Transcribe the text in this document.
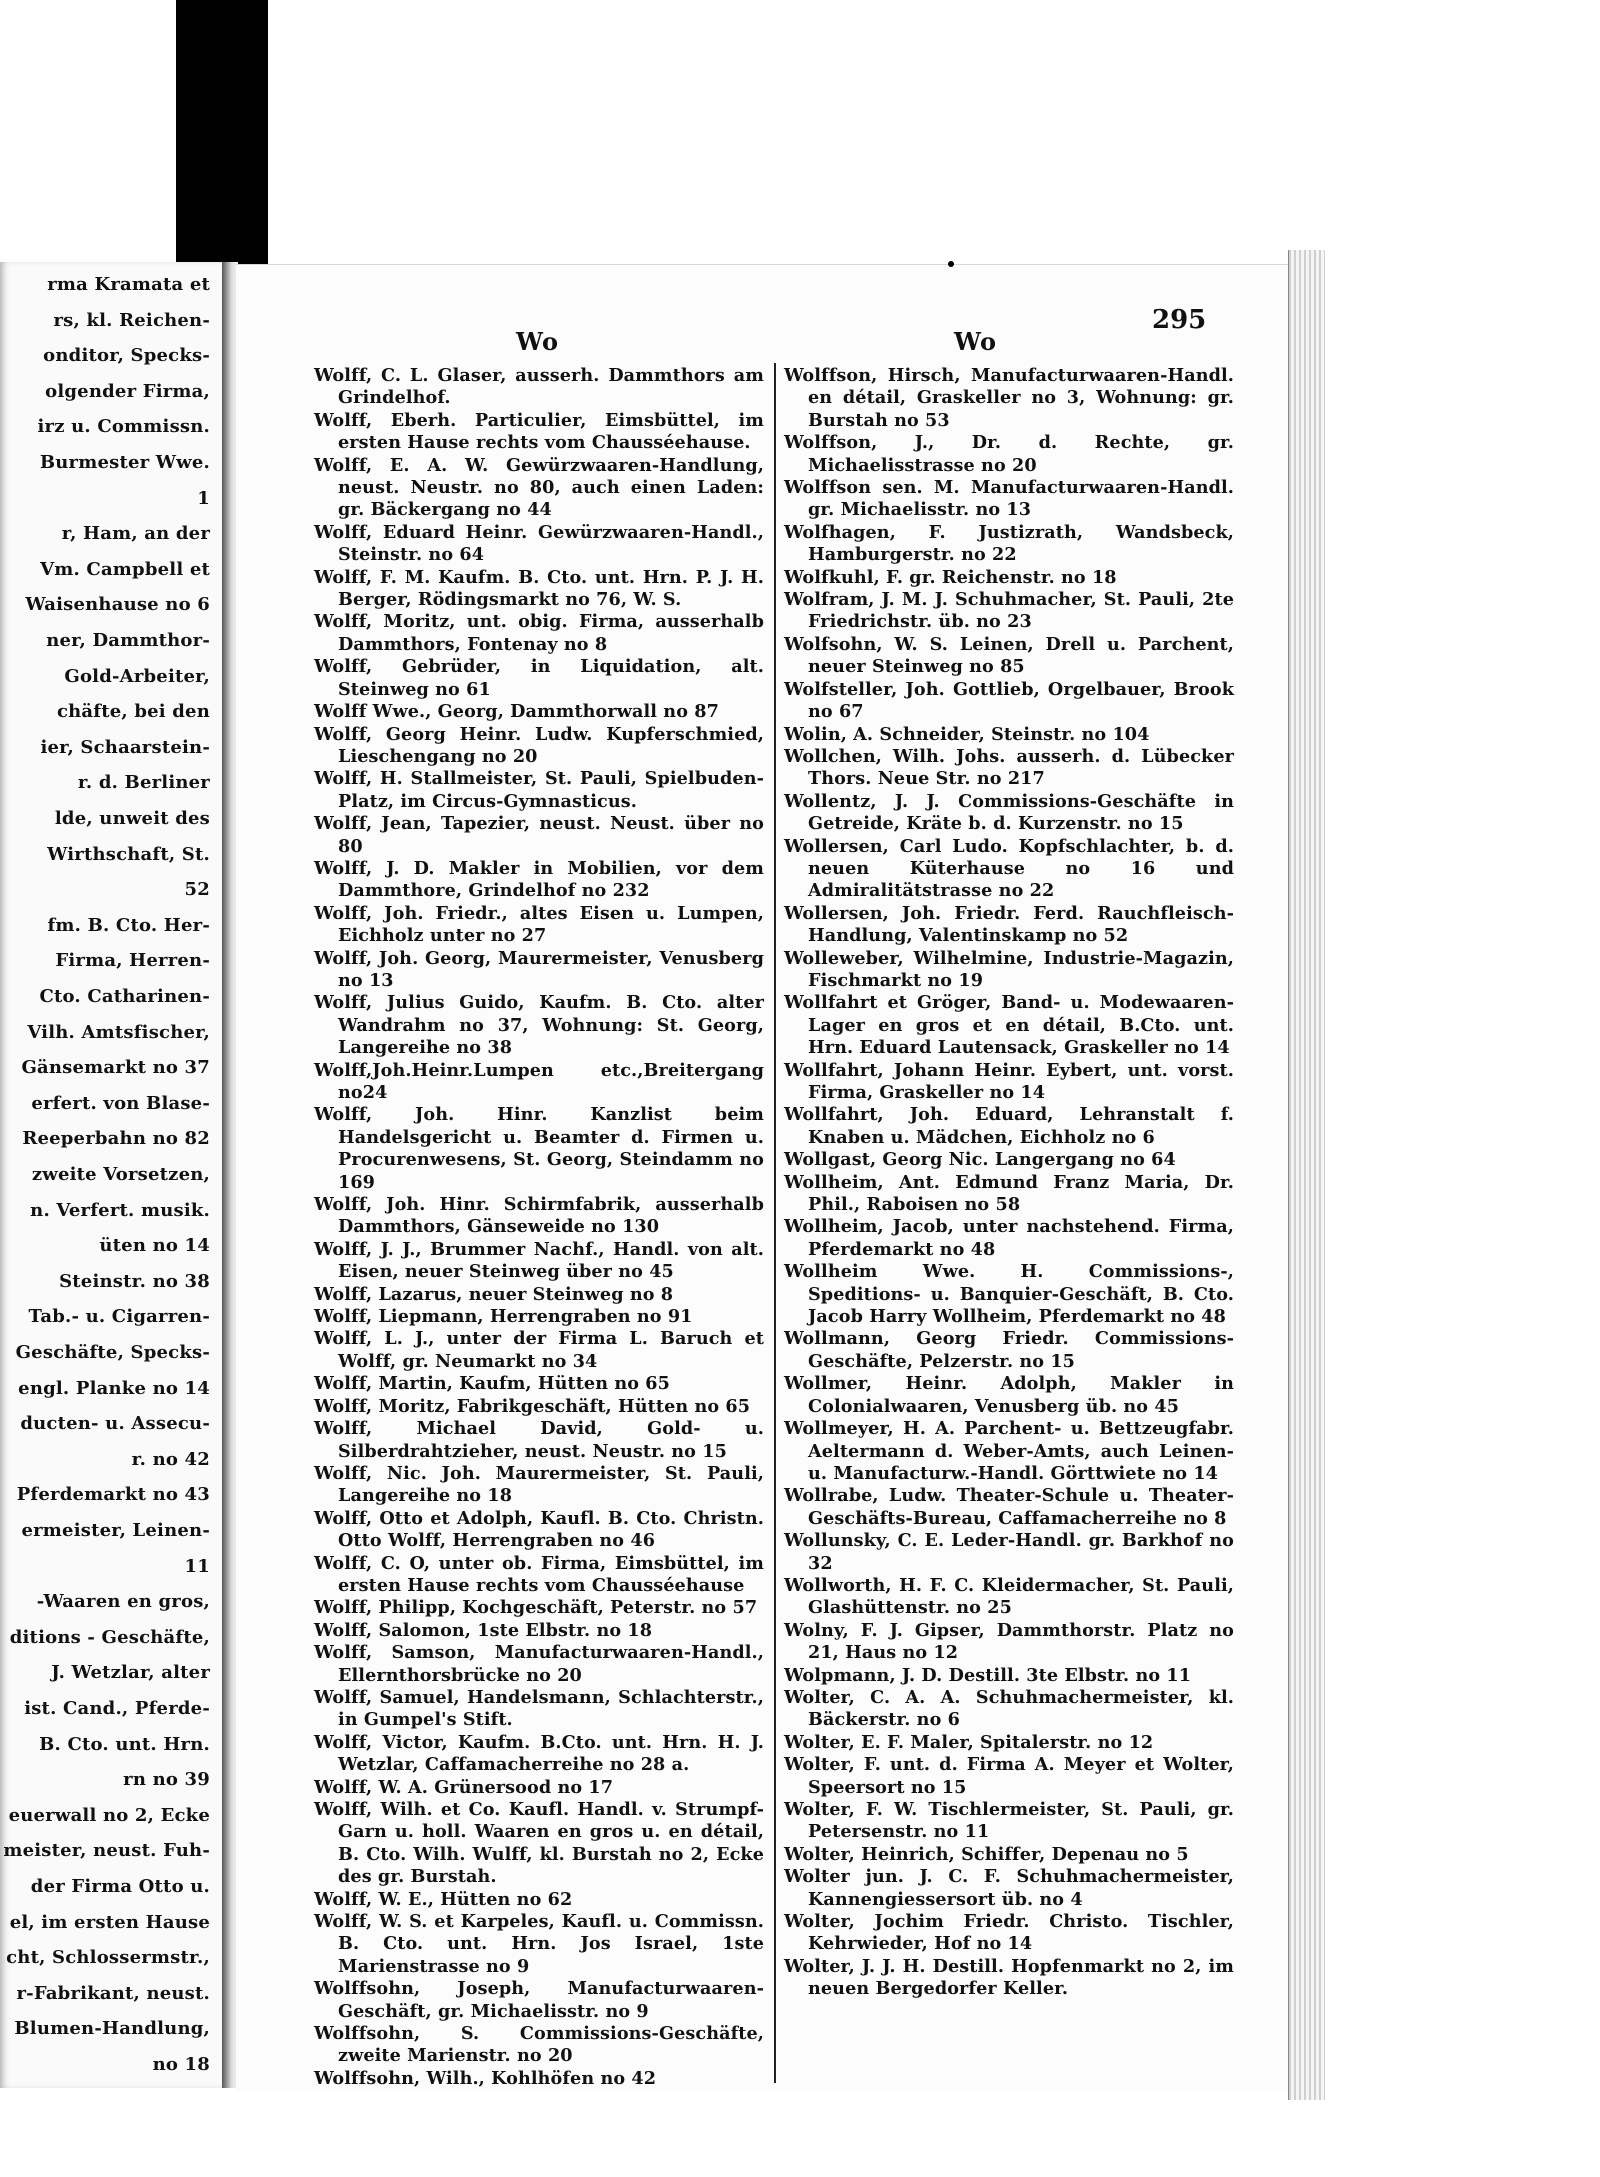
rma Kramata et
rs, kl. Reichen-
onditor, Specks-
olgender Firma,
irz u. Commissn.
Burmester Wwe.
1
r, Ham, an der
Vm. Campbell et
Waisenhause no 6
ner, Dammthor-
Gold-Arbeiter,
chäfte, bei den
ier, Schaarstein-
r. d. Berliner
lde, unweit des
Wirthschaft, St.
52
fm. B. Cto. Her-
Firma, Herren-
Cto. Catharinen-
Vilh. Amtsfischer,
Gänsemarkt no 37
erfert. von Blase-
Reeperbahn no 82
zweite Vorsetzen,
n. Verfert. musik.
üten no 14
Steinstr. no 38
Tab.- u. Cigarren-
Geschäfte, Specks-
engl. Planke no 14
ducten- u. Assecu-
r. no 42
Pferdemarkt no 43
ermeister, Leinen-
11
-Waaren en gros,
ditions - Geschäfte,
J. Wetzlar, alter
ist. Cand., Pferde-
B. Cto. unt. Hrn.
rn no 39
euerwall no 2, Ecke
meister, neust. Fuh-
der Firma Otto u.
el, im ersten Hause
cht, Schlossermstr.,
r-Fabrikant, neust.
Blumen-Handlung,
no 18
Wo	Wo
295

Wolff, C. L. Glaser, ausserh. Dammthors am Grindelhof.

Wolff, Eberh. Particulier, Eimsbüttel, im ersten Hause rechts vom Chausséehause.

Wolff, E. A. W. Gewürzwaaren-Handlung, neust. Neustr. no 80, auch einen Laden: gr. Bäckergang no 44

Wolff, Eduard Heinr. Gewürzwaaren-Handl., Steinstr. no 64

Wolff, F. M. Kaufm. B. Cto. unt. Hrn. P. J. H. Berger, Rödingsmarkt no 76, W. S.

Wolff, Moritz, unt. obig. Firma, ausserhalb Dammthors, Fontenay no 8

Wolff, Gebrüder, in Liquidation, alt. Steinweg no 61

Wolff Wwe., Georg, Dammthorwall no 87

Wolff, Georg Heinr. Ludw. Kupferschmied, Lieschengang no 20

Wolff, H. Stallmeister, St. Pauli, Spielbuden-Platz, im Circus-Gymnasticus.

Wolff, Jean, Tapezier, neust. Neust. über no 80

Wolff, J. D. Makler in Mobilien, vor dem Dammthore, Grindelhof no 232

Wolff, Joh. Friedr., altes Eisen u. Lumpen, Eichholz unter no 27

Wolff, Joh. Georg, Maurermeister, Venusberg no 13

Wolff, Julius Guido, Kaufm. B. Cto. alter Wandrahm no 37, Wohnung: St. Georg, Langereihe no 38

Wolff,Joh.Heinr.Lumpen etc.,Breitergang no24

Wolff, Joh. Hinr. Kanzlist beim Handelsgericht u. Beamter d. Firmen u. Procurenwesens, St. Georg, Steindamm no 169

Wolff, Joh. Hinr. Schirmfabrik, ausserhalb Dammthors, Gänseweide no 130

Wolff, J. J., Brummer Nachf., Handl. von alt. Eisen, neuer Steinweg über no 45

Wolff, Lazarus, neuer Steinweg no 8

Wolff, Liepmann, Herrengraben no 91

Wolff, L. J., unter der Firma L. Baruch et Wolff, gr. Neumarkt no 34

Wolff, Martin, Kaufm, Hütten no 65

Wolff, Moritz, Fabrikgeschäft, Hütten no 65

Wolff, Michael David, Gold- u. Silberdrahtzieher, neust. Neustr. no 15

Wolff, Nic. Joh. Maurermeister, St. Pauli, Langereihe no 18

Wolff, Otto et Adolph, Kaufl. B. Cto. Christn. Otto Wolff, Herrengraben no 46

Wolff, C. O, unter ob. Firma, Eimsbüttel, im ersten Hause rechts vom Chausséehause

Wolff, Philipp, Kochgeschäft, Peterstr. no 57

Wolff, Salomon, 1ste Elbstr. no 18

Wolff, Samson, Manufacturwaaren-Handl., Ellernthorsbrücke no 20

Wolff, Samuel, Handelsmann, Schlachterstr., in Gumpel's Stift.

Wolff, Victor, Kaufm. B.Cto. unt. Hrn. H. J. Wetzlar, Caffamacherreihe no 28 a.

Wolff, W. A. Grünersood no 17

Wolff, Wilh. et Co. Kaufl. Handl. v. Strumpf-Garn u. holl. Waaren en gros u. en détail, B. Cto. Wilh. Wulff, kl. Burstah no 2, Ecke des gr. Burstah.

Wolff, W. E., Hütten no 62

Wolff, W. S. et Karpeles, Kaufl. u. Commissn. B. Cto. unt. Hrn. Jos Israel, 1ste Marienstrasse no 9

Wolffsohn, Joseph, Manufacturwaaren-Geschäft, gr. Michaelisstr. no 9

Wolffsohn, S. Commissions-Geschäfte, zweite Marienstr. no 20

Wolffsohn, Wilh., Kohlhöfen no 42

Wolffson, Hirsch, Manufacturwaaren-Handl. en détail, Graskeller no 3, Wohnung: gr. Burstah no 53

Wolffson, J., Dr. d. Rechte, gr. Michaelisstrasse no 20

Wolffson sen. M. Manufacturwaaren-Handl. gr. Michaelisstr. no 13

Wolfhagen, F. Justizrath, Wandsbeck, Hamburgerstr. no 22

Wolfkuhl, F. gr. Reichenstr. no 18

Wolfram, J. M. J. Schuhmacher, St. Pauli, 2te Friedrichstr. üb. no 23

Wolfsohn, W. S. Leinen, Drell u. Parchent, neuer Steinweg no 85

Wolfsteller, Joh. Gottlieb, Orgelbauer, Brook no 67

Wolin, A. Schneider, Steinstr. no 104

Wollchen, Wilh. Johs. ausserh. d. Lübecker Thors. Neue Str. no 217

Wollentz, J. J. Commissions-Geschäfte in Getreide, Kräte b. d. Kurzenstr. no 15

Wollersen, Carl Ludo. Kopfschlachter, b. d. neuen Küterhause no 16 und Admiralitätstrasse no 22

Wollersen, Joh. Friedr. Ferd. Rauchfleisch-Handlung, Valentinskamp no 52

Wolleweber, Wilhelmine, Industrie-Magazin, Fischmarkt no 19

Wollfahrt et Gröger, Band- u. Modewaaren-Lager en gros et en détail, B.Cto. unt. Hrn. Eduard Lautensack, Graskeller no 14

Wollfahrt, Johann Heinr. Eybert, unt. vorst. Firma, Graskeller no 14

Wollfahrt, Joh. Eduard, Lehranstalt f. Knaben u. Mädchen, Eichholz no 6

Wollgast, Georg Nic. Langergang no 64

Wollheim, Ant. Edmund Franz Maria, Dr. Phil., Raboisen no 58

Wollheim, Jacob, unter nachstehend. Firma, Pferdemarkt no 48

Wollheim Wwe. H. Commissions-, Speditions- u. Banquier-Geschäft, B. Cto. Jacob Harry Wollheim, Pferdemarkt no 48

Wollmann, Georg Friedr. Commissions-Geschäfte, Pelzerstr. no 15

Wollmer, Heinr. Adolph, Makler in Colonialwaaren, Venusberg üb. no 45

Wollmeyer, H. A. Parchent- u. Bettzeugfabr. Aeltermann d. Weber-Amts, auch Leinen- u. Manufacturw.-Handl. Görttwiete no 14

Wollrabe, Ludw. Theater-Schule u. Theater-Geschäfts-Bureau, Caffamacherreihe no 8

Wollunsky, C. E. Leder-Handl. gr. Barkhof no 32

Wollworth, H. F. C. Kleidermacher, St. Pauli, Glashüttenstr. no 25

Wolny, F. J. Gipser, Dammthorstr. Platz no 21, Haus no 12

Wolpmann, J. D. Destill. 3te Elbstr. no 11

Wolter, C. A. A. Schuhmachermeister, kl. Bäckerstr. no 6

Wolter, E. F. Maler, Spitalerstr. no 12

Wolter, F. unt. d. Firma A. Meyer et Wolter, Speersort no 15

Wolter, F. W. Tischlermeister, St. Pauli, gr. Petersenstr. no 11

Wolter, Heinrich, Schiffer, Depenau no 5

Wolter jun. J. C. F. Schuhmachermeister, Kannengiessersort üb. no 4

Wolter, Jochim Friedr. Christo. Tischler, Kehrwieder, Hof no 14

Wolter, J. J. H. Destill. Hopfenmarkt no 2, im neuen Bergedorfer Keller.
